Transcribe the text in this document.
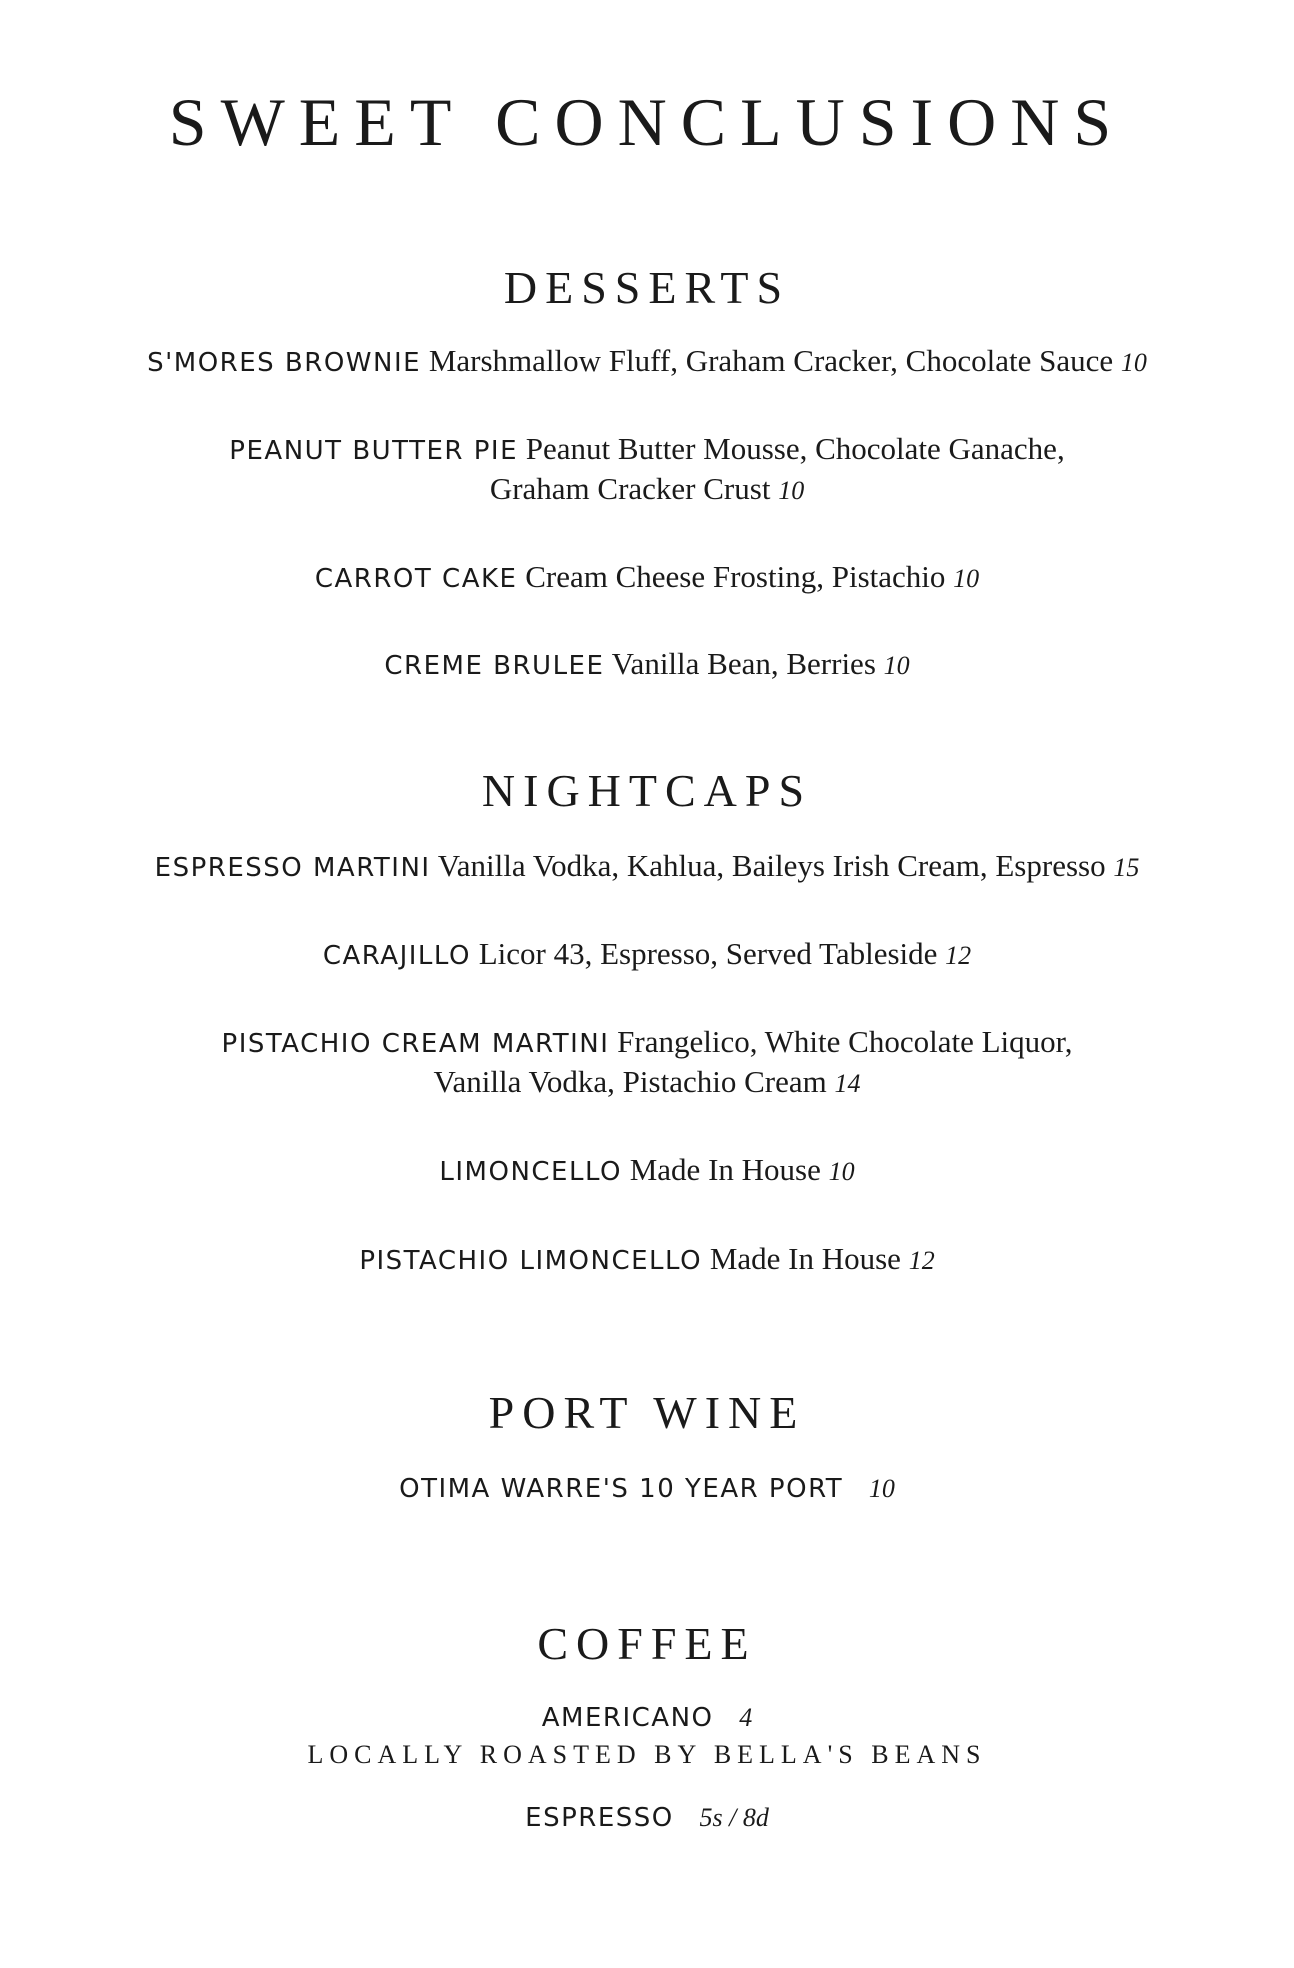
SWEET CONCLUSIONS
DESSERTS

S'MORES BROWNIE Marshmallow Fluff, Graham Cracker, Chocolate Sauce 10

PEANUT BUTTER PIE Peanut Butter Mousse, Chocolate Ganache,
Graham Cracker Crust 10

CARROT CAKE Cream Cheese Frosting, Pistachio 10

CREME BRULEE Vanilla Bean, Berries 10

NIGHTCAPS

ESPRESSO MARTINI Vanilla Vodka, Kahlua, Baileys Irish Cream, Espresso 15

CARAJILLO Licor 43, Espresso, Served Tableside 12

PISTACHIO CREAM MARTINI Frangelico, White Chocolate Liquor,
Vanilla Vodka, Pistachio Cream 14

LIMONCELLO Made In House 10

PISTACHIO LIMONCELLO Made In House 12

PORT WINE

OTIMA WARRE'S 10 YEAR PORT 10

COFFEE

AMERICANO 4

LOCALLY ROASTED BY BELLA'S BEANS

ESPRESSO 5s / 8d
